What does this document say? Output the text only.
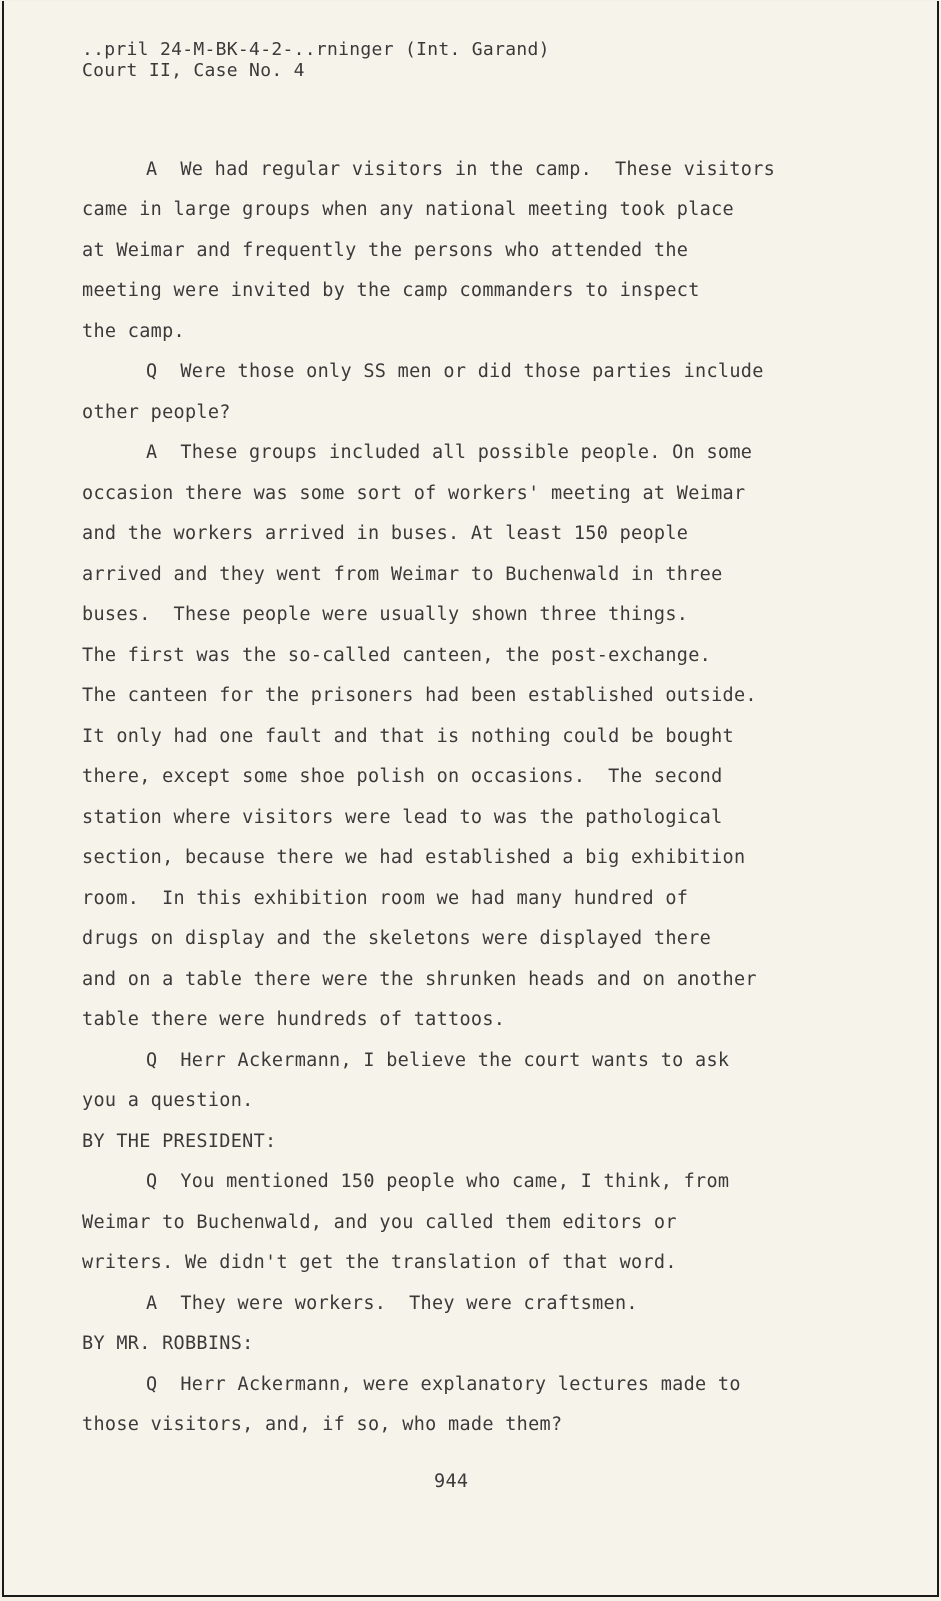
..pril 24-M-BK-4-2-..rninger (Int. Garand)
Court II, Case No. 4
A  We had regular visitors in the camp.  These visitors
came in large groups when any national meeting took place
at Weimar and frequently the persons who attended the
meeting were invited by the camp commanders to inspect
the camp.
Q  Were those only SS men or did those parties include
other people?
A  These groups included all possible people. On some
occasion there was some sort of workers' meeting at Weimar
and the workers arrived in buses. At least 150 people
arrived and they went from Weimar to Buchenwald in three
buses.  These people were usually shown three things.
The first was the so-called canteen, the post-exchange.
The canteen for the prisoners had been established outside.
It only had one fault and that is nothing could be bought
there, except some shoe polish on occasions.  The second
station where visitors were lead to was the pathological
section, because there we had established a big exhibition
room.  In this exhibition room we had many hundred of
drugs on display and the skeletons were displayed there
and on a table there were the shrunken heads and on another
table there were hundreds of tattoos.
Q  Herr Ackermann, I believe the court wants to ask
you a question.
BY THE PRESIDENT:
Q  You mentioned 150 people who came, I think, from
Weimar to Buchenwald, and you called them editors or
writers. We didn't get the translation of that word.
A  They were workers.  They were craftsmen.
BY MR. ROBBINS:
Q  Herr Ackermann, were explanatory lectures made to
those visitors, and, if so, who made them?
944
